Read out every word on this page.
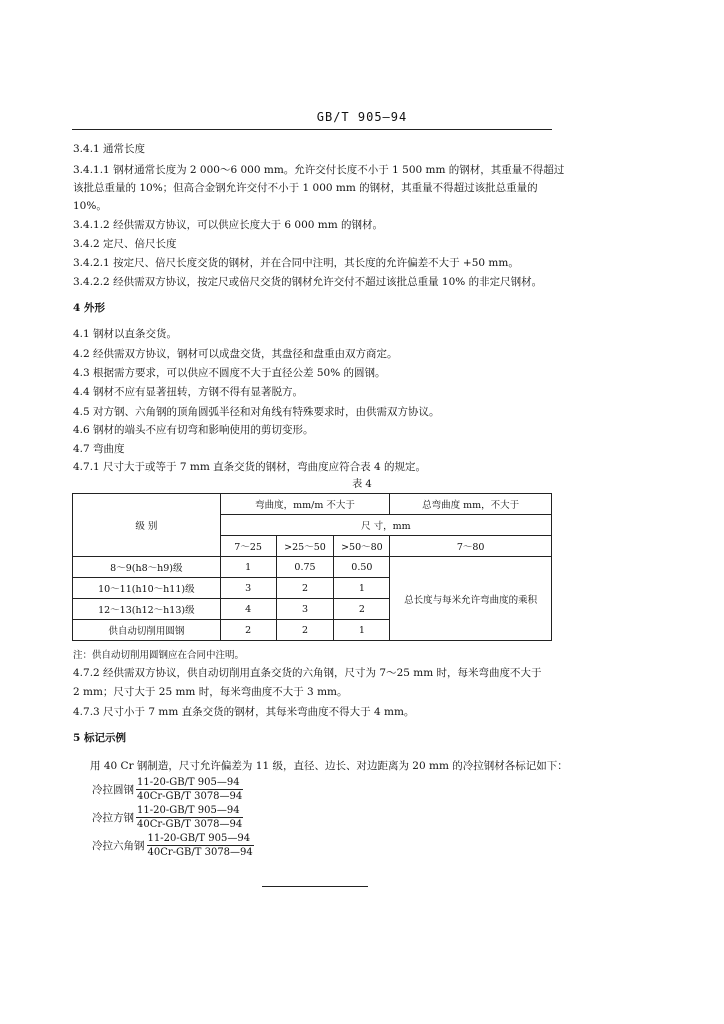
GB/T 905—94
3.4.1 通常长度
3.4.1.1 钢材通常长度为 2 000～6 000 mm。允许交付长度不小于 1 500 mm 的钢材，其重量不得超过
该批总重量的 10%；但高合金钢允许交付不小于 1 000 mm 的钢材，其重量不得超过该批总重量的
10%。
3.4.1.2 经供需双方协议，可以供应长度大于 6 000 mm 的钢材。
3.4.2 定尺、倍尺长度
3.4.2.1 按定尺、倍尺长度交货的钢材，并在合同中注明，其长度的允许偏差不大于 +50 mm。
3.4.2.2 经供需双方协议，按定尺或倍尺交货的钢材允许交付不超过该批总重量 10% 的非定尺钢材。
4 外形
4.1 钢材以直条交货。
4.2 经供需双方协议，钢材可以成盘交货，其盘径和盘重由双方商定。
4.3 根据需方要求，可以供应不圆度不大于直径公差 50% 的圆钢。
4.4 钢材不应有显著扭转，方钢不得有显著脱方。
4.5 对方钢、六角钢的顶角圆弧半径和对角线有特殊要求时，由供需双方协议。
4.6 钢材的端头不应有切弯和影响使用的剪切变形。
4.7 弯曲度
4.7.1 尺寸大于或等于 7 mm 直条交货的钢材，弯曲度应符合表 4 的规定。
表 4
级 别	弯曲度，mm/m 不大于			总弯曲度 mm，不大于
	尺 寸，mm			
	7～25	>25～50	>50～80	7～80
8～9(h8～h9)级	1	0.75	0.50	总长度与每米允许弯曲度的乘积
10～11(h10～h11)级	3	2	1	
12～13(h12～h13)级	4	3	2	
供自动切削用圆钢	2	2	1	
注：供自动切削用圆钢应在合同中注明。
4.7.2 经供需双方协议，供自动切削用直条交货的六角钢，尺寸为 7～25 mm 时，每米弯曲度不大于
2 mm；尺寸大于 25 mm 时，每米弯曲度不大于 3 mm。
4.7.3 尺寸小于 7 mm 直条交货的钢材，其每米弯曲度不得大于 4 mm。
5 标记示例
用 40 Cr 钢制造，尺寸允许偏差为 11 级，直径、边长、对边距离为 20 mm 的冷拉钢材各标记如下：
冷拉圆钢 $\frac{11-20-GB/T 905—94}{40Cr-GB/T 3078—94}$
冷拉方钢 $\frac{11-20-GB/T 905—94}{40Cr-GB/T 3078—94}$
冷拉六角钢 $\frac{11-20-GB/T 905—94}{40Cr-GB/T 3078—94}$
